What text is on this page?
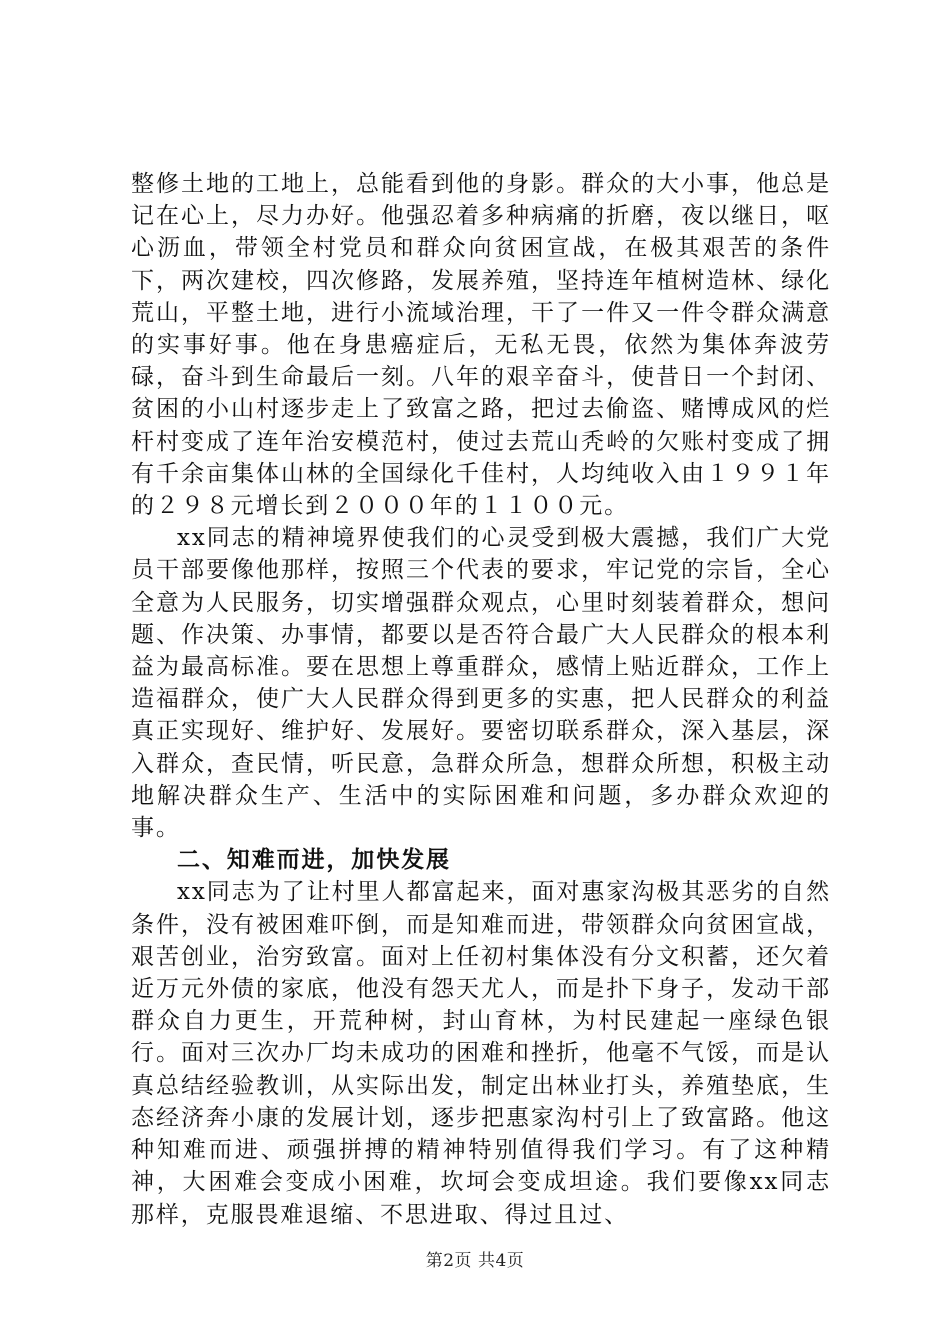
整修土地的工地上，总能看到他的身影。群众的大小事，他总是记在心上，尽力办好。他强忍着多种病痛的折磨，夜以继日，呕心沥血，带领全村党员和群众向贫困宣战，在极其艰苦的条件下，两次建校，四次修路，发展养殖，坚持连年植树造林、绿化荒山，平整土地，进行小流域治理，干了一件又一件令群众满意的实事好事。他在身患癌症后，无私无畏，依然为集体奔波劳碌，奋斗到生命最后一刻。八年的艰辛奋斗，使昔日一个封闭、贫困的小山村逐步走上了致富之路，把过去偷盗、赌博成风的烂杆村变成了连年治安模范村，使过去荒山秃岭的欠账村变成了拥有千余亩集体山林的全国绿化千佳村，人均纯收入由１９９１年的２９８元增长到２０００年的１１００元。

xx同志的精神境界使我们的心灵受到极大震撼，我们广大党员干部要像他那样，按照三个代表的要求，牢记党的宗旨，全心全意为人民服务，切实增强群众观点，心里时刻装着群众，想问题、作决策、办事情，都要以是否符合最广大人民群众的根本利益为最高标准。要在思想上尊重群众，感情上贴近群众，工作上造福群众，使广大人民群众得到更多的实惠，把人民群众的利益真正实现好、维护好、发展好。要密切联系群众，深入基层，深入群众，查民情，听民意，急群众所急，想群众所想，积极主动地解决群众生产、生活中的实际困难和问题，多办群众欢迎的事。

二、知难而进，加快发展

xx同志为了让村里人都富起来，面对惠家沟极其恶劣的自然条件，没有被困难吓倒，而是知难而进，带领群众向贫困宣战，艰苦创业，治穷致富。面对上任初村集体没有分文积蓄，还欠着近万元外债的家底，他没有怨天尤人，而是扑下身子，发动干部群众自力更生，开荒种树，封山育林，为村民建起一座绿色银行。面对三次办厂均未成功的困难和挫折，他毫不气馁，而是认真总结经验教训，从实际出发，制定出林业打头，养殖垫底，生态经济奔小康的发展计划，逐步把惠家沟村引上了致富路。他这种知难而进、顽强拼搏的精神特别值得我们学习。有了这种精神，大困难会变成小困难，坎坷会变成坦途。我们要像xx同志那样，克服畏难退缩、不思进取、得过且过、

第2页 共4页
